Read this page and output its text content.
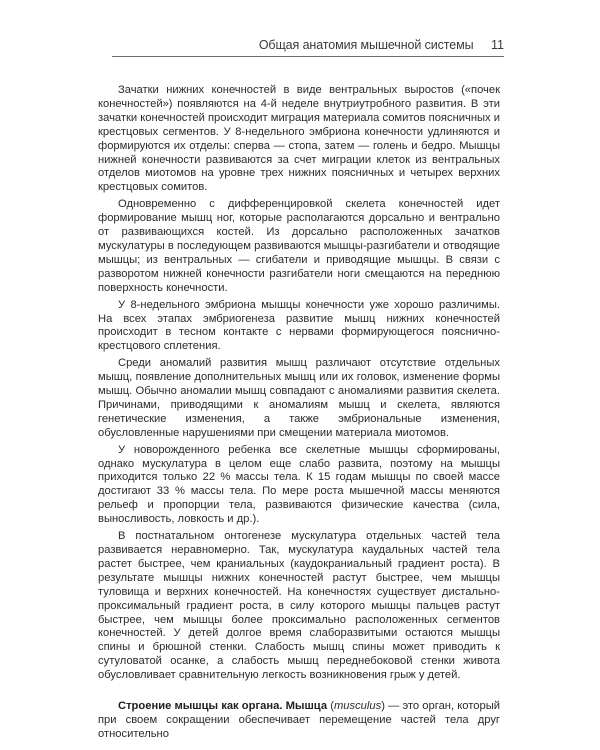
Общая анатомия мышечной системы 11

Зачатки нижних конечностей в виде вентральных выростов («почек конечностей») появляются на 4-й неделе внутриутробного развития. В эти зачатки конечностей происходит миграция материала сомитов поясничных и крестцовых сегментов. У 8-недельного эмбриона конечности удлиняются и формируются их отделы: сперва — стопа, затем — голень и бедро. Мышцы нижней конечности развиваются за счет миграции клеток из вентральных отделов миотомов на уровне трех нижних поясничных и четырех верхних крестцовых сомитов.

Одновременно с дифференцировкой скелета конечностей идет формирование мышц ног, которые располагаются дорсально и вентрально от развивающихся костей. Из дорсально расположенных зачатков мускулатуры в последующем развиваются мышцы-разгибатели и отводящие мышцы; из вентральных — сгибатели и приводящие мышцы. В связи с разворотом нижней конечности разгибатели ноги смещаются на переднюю поверхность конечности.

У 8-недельного эмбриона мышцы конечности уже хорошо различимы. На всех этапах эмбриогенеза развитие мышц нижних конечностей происходит в тесном контакте с нервами формирующегося пояснично-крестцового сплетения.

Среди аномалий развития мышц различают отсутствие отдельных мышц, появление дополнительных мышц или их головок, изменение формы мышц. Обычно аномалии мышц совпадают с аномалиями развития скелета. Причинами, приводящими к аномалиям мышц и скелета, являются генетические изменения, а также эмбриональные изменения, обусловленные нарушениями при смещении материала миотомов.

У новорожденного ребенка все скелетные мышцы сформированы, однако мускулатура в целом еще слабо развита, поэтому на мышцы приходится только 22 % массы тела. К 15 годам мышцы по своей массе достигают 33 % массы тела. По мере роста мышечной массы меняются рельеф и пропорции тела, развиваются физические качества (сила, выносливость, ловкость и др.).

В постнатальном онтогенезе мускулатура отдельных частей тела развивается неравномерно. Так, мускулатура каудальных частей тела растет быстрее, чем краниальных (каудокраниальный градиент роста). В результате мышцы нижних конечностей растут быстрее, чем мышцы туловища и верхних конечностей. На конечностях существует дистально-проксимальный градиент роста, в силу которого мышцы пальцев растут быстрее, чем мышцы более проксимально расположенных сегментов конечностей. У детей долгое время слаборазвитыми остаются мышцы спины и брюшной стенки. Слабость мышц спины может приводить к сутуловатой осанке, а слабость мышц переднебоковой стенки живота обусловливает сравнительную легкость возникновения грыж у детей.

Строение мышцы как органа. Мышца (musculus) — это орган, который при своем сокращении обеспечивает перемещение частей тела друг относительно
